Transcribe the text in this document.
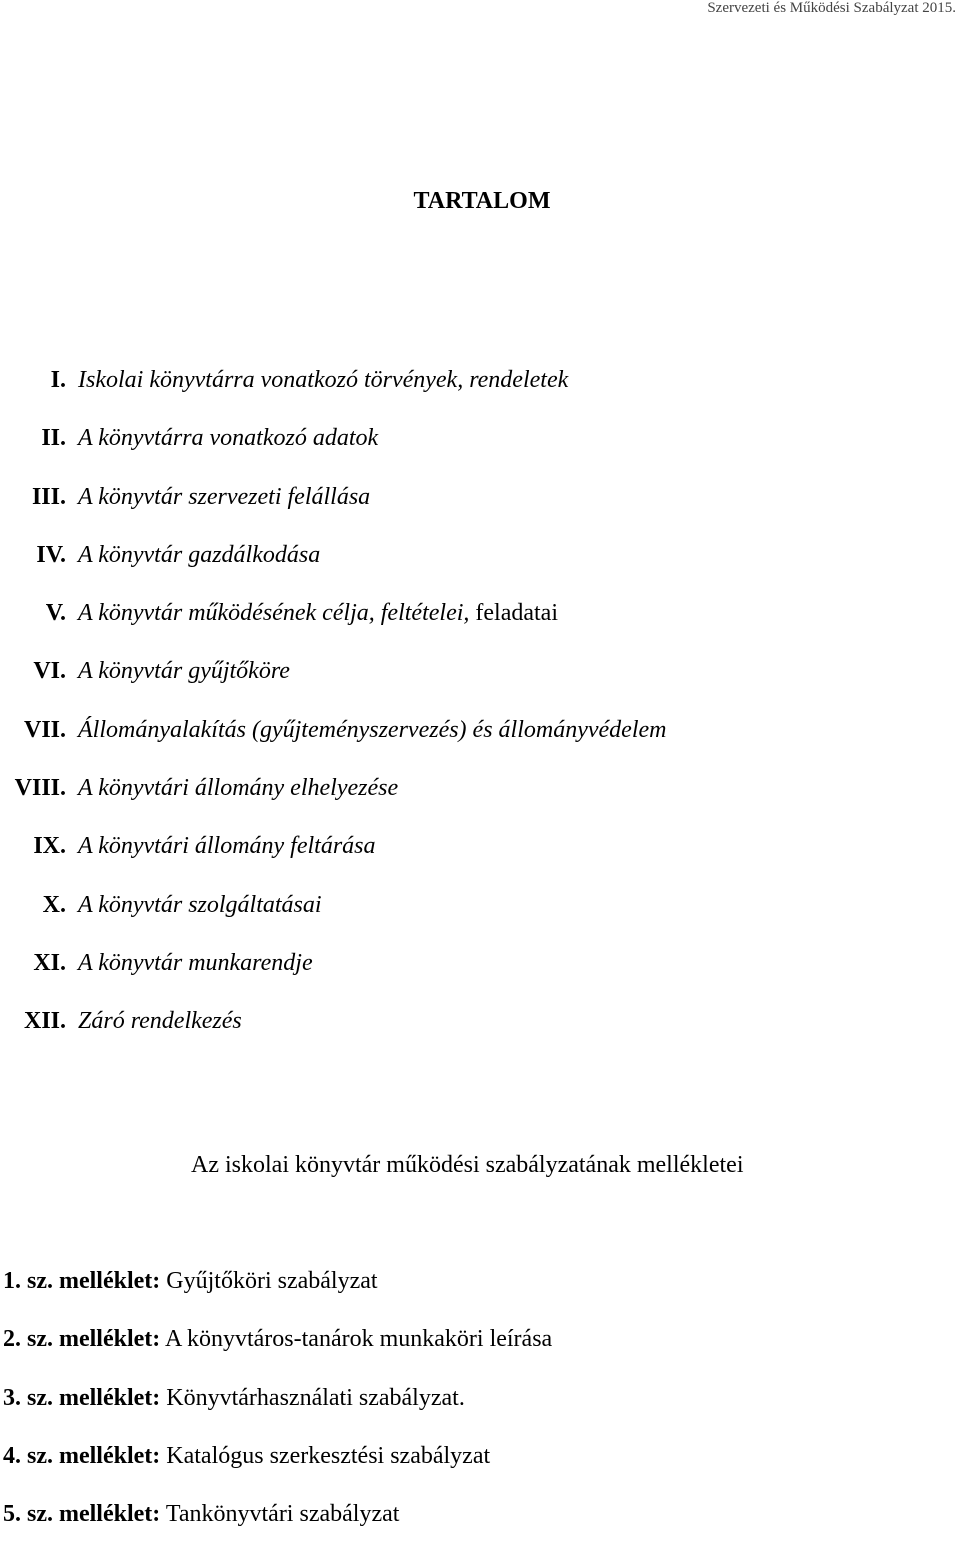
Szervezeti és Működési Szabályzat 2015.
TARTALOM
I. Iskolai könyvtárra vonatkozó törvények, rendeletek
II. A könyvtárra vonatkozó adatok
III. A könyvtár szervezeti felállása
IV. A könyvtár gazdálkodása
V. A könyvtár működésének célja, feltételei, feladatai
VI. A könyvtár gyűjtőköre
VII. Állományalakítás (gyűjteményszervezés) és állományvédelem
VIII. A könyvtári állomány elhelyezése
IX. A könyvtári állomány feltárása
X. A könyvtár szolgáltatásai
XI. A könyvtár munkarendje
XII. Záró rendelkezés
Az iskolai könyvtár működési szabályzatának mellékletei
1. sz. melléklet: Gyűjtőköri szabályzat
2. sz. melléklet: A könyvtáros-tanárok munkaköri leírása
3. sz. melléklet: Könyvtárhasználati szabályzat.
4. sz. melléklet: Katalógus szerkesztési szabályzat
5. sz. melléklet: Tankönyvtári szabályzat
